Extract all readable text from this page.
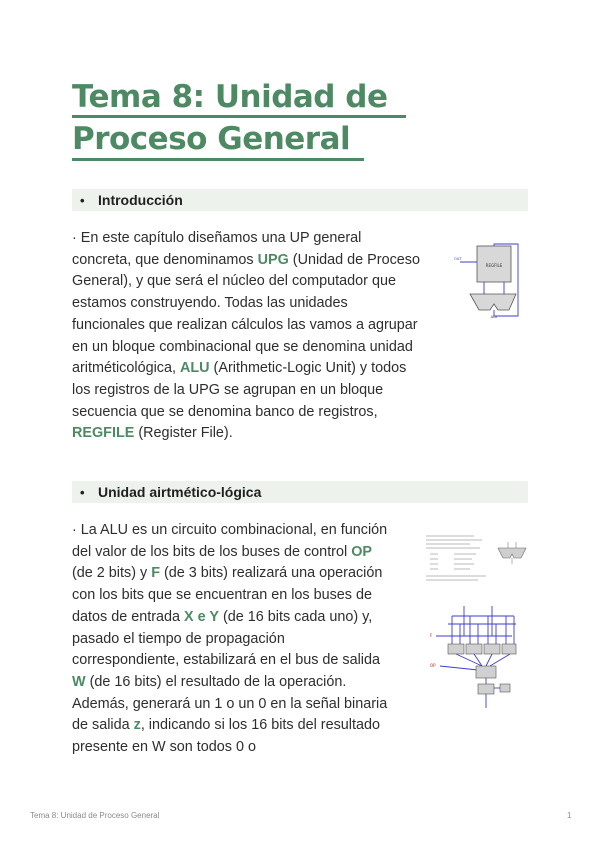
Tema 8: Unidad de
Proceso General
• Introducción
· En este capítulo diseñamos una UP general concreta, que denominamos UPG (Unidad de Proceso General), y que será el núcleo del computador que estamos construyendo. Todas las unidades funcionales que realizan cálculos las vamos a agrupar en un bloque combinacional que se denomina unidad aritméticológica, ALU (Arithmetic-Logic Unit) y todos los registros de la UPG se agrupan en un bloque secuencia que se denomina banco de registros, REGFILE (Register File).
REGFILE
OUT
ALU
• Unidad airtmético-lógica
· La ALU es un circuito combinacional, en función del valor de los bits de los buses de control OP (de 2 bits) y F (de 3 bits) realizará una operación con los bits que se encuentran en los buses de datos de entrada X e Y (de 16 bits cada uno) y, pasado el tiempo de propagación correspondiente, estabilizará en el bus de salida W (de 16 bits) el resultado de la operación. Además, generará un 1 o un 0 en la señal binaria de salida z, indicando si los 16 bits del resultado presente en W son todos 0 o
F
OP
Tema 8: Unidad de Proceso General	1
